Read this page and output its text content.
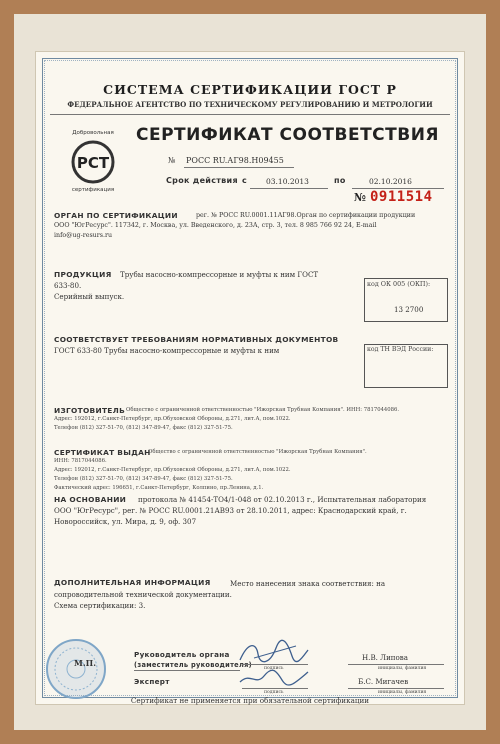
СИСТЕМА СЕРТИФИКАЦИИ ГОСТ Р
ФЕДЕРАЛЬНОЕ АГЕНТСТВО ПО ТЕХНИЧЕСКОМУ РЕГУЛИРОВАНИЮ И МЕТРОЛОГИИ
Добровольная
РСТ
сертификация
СЕРТИФИКАТ СООТВЕТСТВИЯ
№ РОСС RU.АГ98.Н09455
Срок действия с	03.10.2013	по	02.10.2016
№ 0911514
ОРГАН ПО СЕРТИФИКАЦИИ	рег. № РОСС RU.0001.11АГ98.Орган по сертификации продукции
ООО "ЮгРесурс". 117342, г. Москва, ул. Введенского, д. 23А, стр. 3, тел. 8 985 766 92 24, E-mail
info@ug-resurs.ru
ПРОДУКЦИЯ Трубы насосно-компрессорные и муфты к ним ГОСТ
633-80.
Серийный выпуск.
код ОК 005 (ОКП):
13 2700
СООТВЕТСТВУЕТ ТРЕБОВАНИЯМ НОРМАТИВНЫХ ДОКУМЕНТОВ
ГОСТ 633-80 Трубы насосно-компрессорные и муфты к ним	код ТН ВЭД России:
ИЗГОТОВИТЕЛЬ Общество с ограниченной ответственностью "Ижорская Трубная Компания". ИНН: 7817044086.
Адрес: 192012, г.Санкт-Петербург, пр.Обуховской Обороны, д.271, лит.А, пом.1022.
Телефон (812) 327-51-70, (812) 347-89-47, факс (812) 327-51-75.
СЕРТИФИКАТ ВЫДАН
Общество с ограниченной ответственностью "Ижорская Трубная Компания".
ИНН: 7817044086.
Адрес: 192012, г.Санкт-Петербург, пр.Обуховской Обороны, д.271, лит.А, пом.1022.
Телефон (812) 327-51-70, (812) 347-89-47, факс (812) 327-51-75.
Фактический адрес: 196651, г.Санкт-Петербург, Колпино, пр.Ленина, д.1.
НА ОСНОВАНИИ протокола № 41454-ТО4/1-048 от 02.10.2013 г., Испытательная лаборатория
ООО "ЮгРесурс", рег. № РОСС RU.0001.21АВ93 от 28.10.2011, адрес: Краснодарский край, г.
Новороссийск, ул. Мира, д. 9, оф. 307
ДОПОЛНИТЕЛЬНАЯ ИНФОРМАЦИЯ	Место нанесения знака соответствия: на
сопроводительной технической документации.
Схема сертификации: 3.
М.П.
Руководитель органа
(заместитель руководителя)
Эксперт
подпись
подпись
Н.В. Липова
инициалы, фамилия
Б.С. Мигачев
инициалы, фамилия
Сертификат не применяется при обязательной сертификации
